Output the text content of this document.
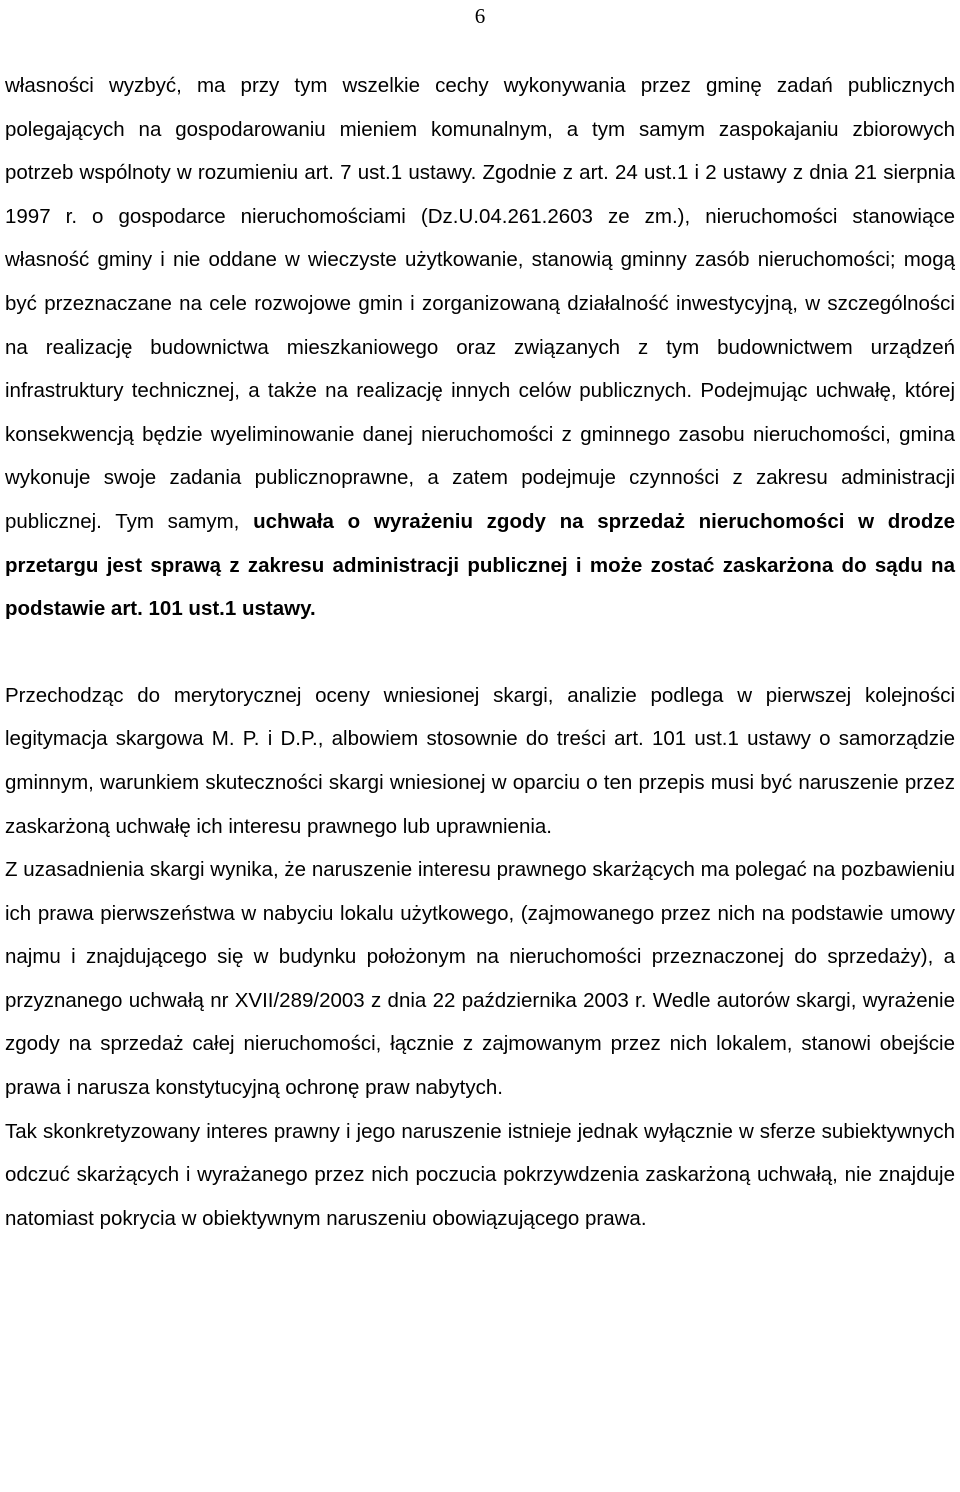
6

własności wyzbyć, ma przy tym wszelkie cechy wykonywania przez gminę zadań publicznych polegających na gospodarowaniu mieniem komunalnym, a tym samym zaspokajaniu zbiorowych potrzeb wspólnoty w rozumieniu art. 7 ust.1 ustawy. Zgodnie z art. 24 ust.1 i 2 ustawy z dnia 21 sierpnia 1997 r. o gospodarce nieruchomościami (Dz.U.04.261.2603 ze zm.), nieruchomości stanowiące własność gminy i nie oddane w wieczyste użytkowanie, stanowią gminny zasób nieruchomości; mogą być przeznaczane na cele rozwojowe gmin i zorganizowaną działalność inwestycyjną, w szczególności na realizację budownictwa mieszkaniowego oraz związanych z tym budownictwem urządzeń infrastruktury technicznej, a także na realizację innych celów publicznych. Podejmując uchwałę, której konsekwencją będzie wyeliminowanie danej nieruchomości z gminnego zasobu nieruchomości, gmina wykonuje swoje zadania publicznoprawne, a zatem podejmuje czynności z zakresu administracji publicznej. Tym samym, uchwała o wyrażeniu zgody na sprzedaż nieruchomości w drodze przetargu jest sprawą z zakresu administracji publicznej i może zostać zaskarżona do sądu na podstawie art. 101 ust.1 ustawy.

Przechodząc do merytorycznej oceny wniesionej skargi, analizie podlega w pierwszej kolejności legitymacja skargowa M. P. i D.P., albowiem stosownie do treści art. 101 ust.1 ustawy o samorządzie gminnym, warunkiem skuteczności skargi wniesionej w oparciu o ten przepis musi być naruszenie przez zaskarżoną uchwałę ich interesu prawnego lub uprawnienia.

Z uzasadnienia skargi wynika, że naruszenie interesu prawnego skarżących ma polegać na pozbawieniu ich prawa pierwszeństwa w nabyciu lokalu użytkowego, (zajmowanego przez nich na podstawie umowy najmu i znajdującego się w budynku położonym na nieruchomości przeznaczonej do sprzedaży), a przyznanego uchwałą nr XVII/289/2003 z dnia 22 października 2003 r. Wedle autorów skargi, wyrażenie zgody na sprzedaż całej nieruchomości, łącznie z zajmowanym przez nich lokalem, stanowi obejście prawa i narusza konstytucyjną ochronę praw nabytych.

Tak skonkretyzowany interes prawny i jego naruszenie istnieje jednak wyłącznie w sferze subiektywnych odczuć skarżących i wyrażanego przez nich poczucia pokrzywdzenia zaskarżoną uchwałą, nie znajduje natomiast pokrycia w obiektywnym naruszeniu obowiązującego prawa.
